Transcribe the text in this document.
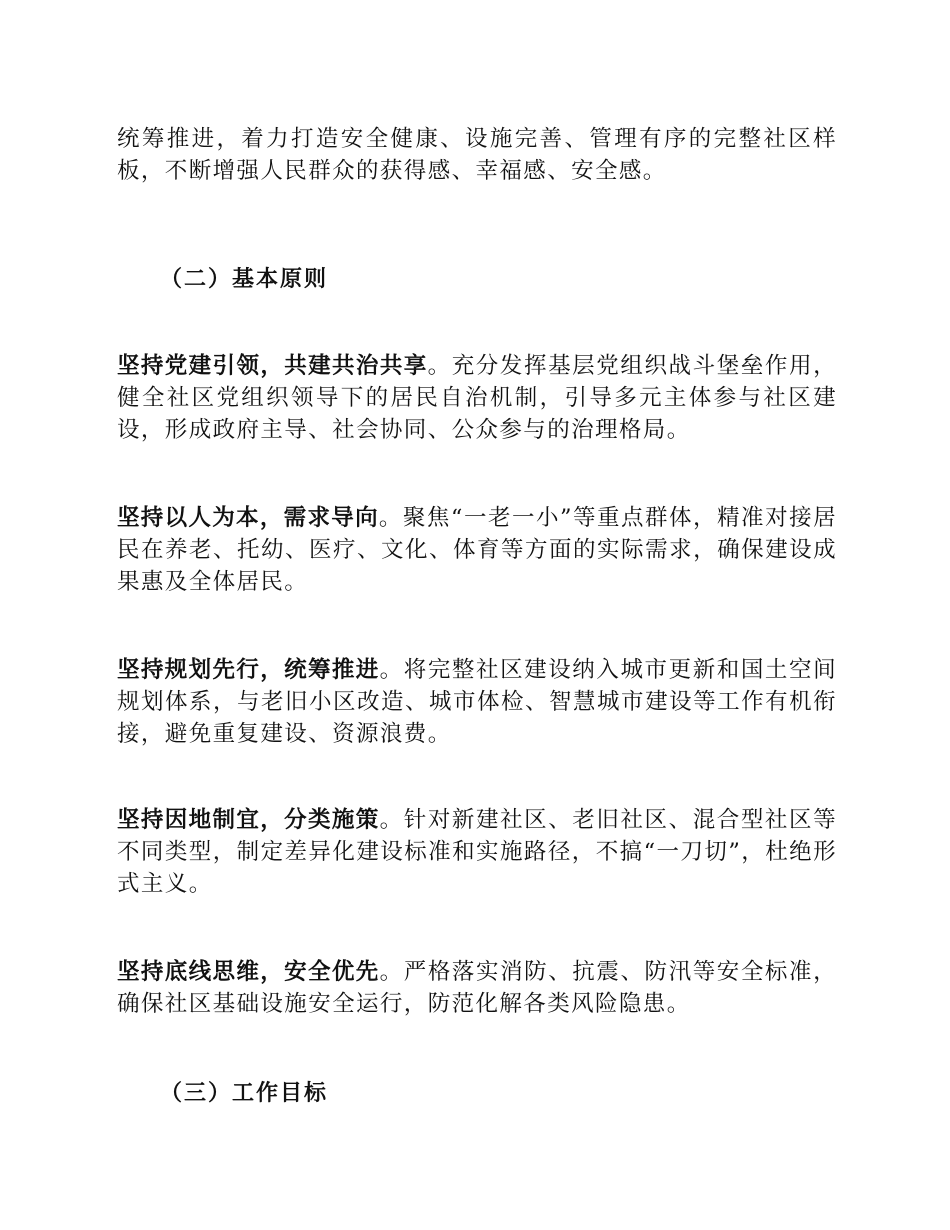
统筹推进，着力打造安全健康、设施完善、管理有序的完整社区样板，不断增强人民群众的获得感、幸福感、安全感。

（二）基本原则

坚持党建引领，共建共治共享。充分发挥基层党组织战斗堡垒作用，健全社区党组织领导下的居民自治机制，引导多元主体参与社区建设，形成政府主导、社会协同、公众参与的治理格局。

坚持以人为本，需求导向。聚焦“一老一小”等重点群体，精准对接居民在养老、托幼、医疗、文化、体育等方面的实际需求，确保建设成果惠及全体居民。

坚持规划先行，统筹推进。将完整社区建设纳入城市更新和国土空间规划体系，与老旧小区改造、城市体检、智慧城市建设等工作有机衔接，避免重复建设、资源浪费。

坚持因地制宜，分类施策。针对新建社区、老旧社区、混合型社区等不同类型，制定差异化建设标准和实施路径，不搞“一刀切”，杜绝形式主义。

坚持底线思维，安全优先。严格落实消防、抗震、防汛等安全标准，确保社区基础设施安全运行，防范化解各类风险隐患。

（三）工作目标
